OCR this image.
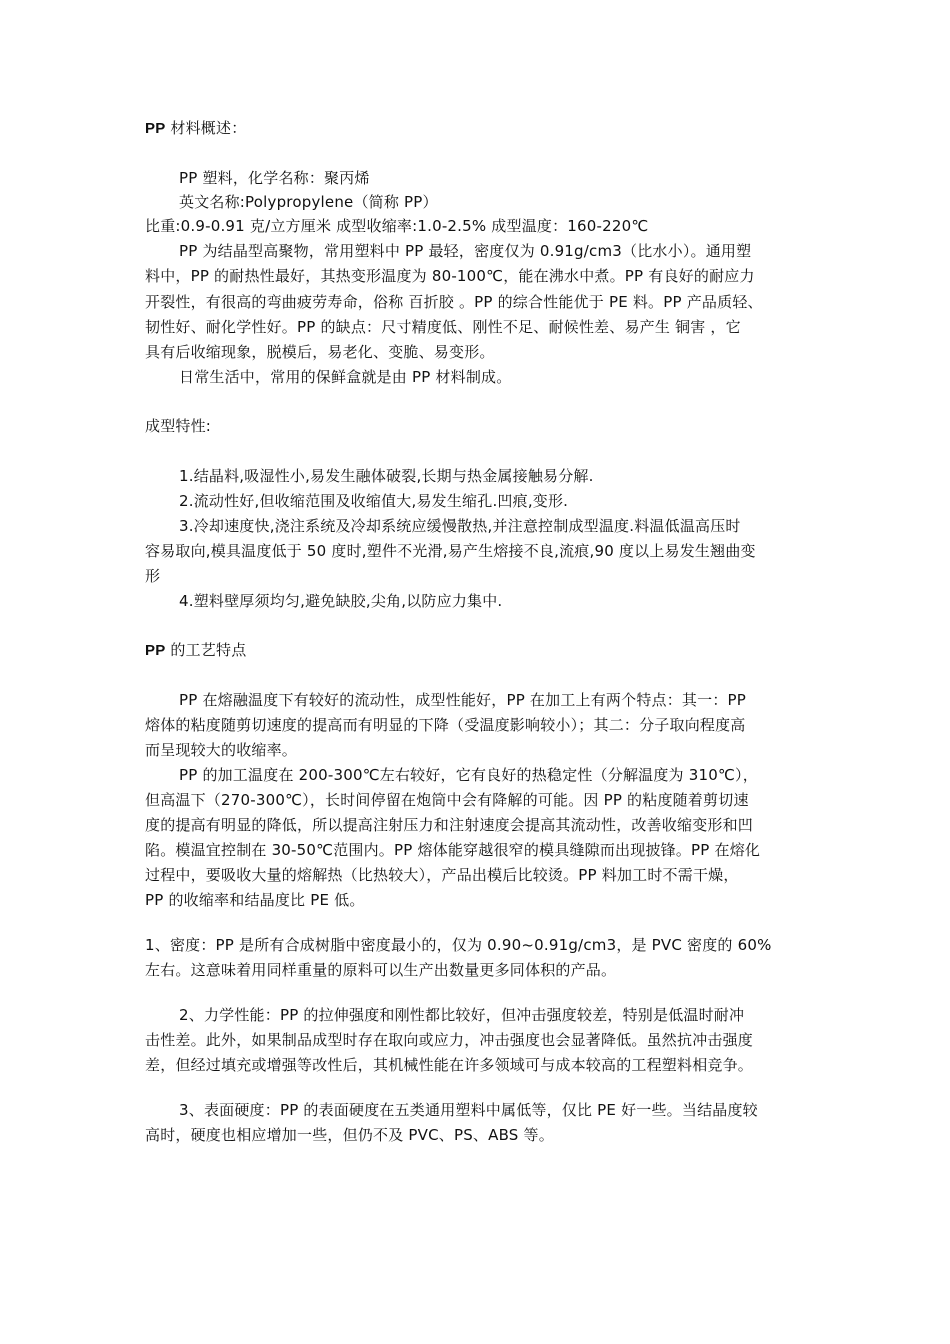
PP 材料概述：
PP 塑料，化学名称：聚丙烯
英文名称:Polypropylene（简称 PP）
比重:0.9-0.91 克/立方厘米 成型收缩率:1.0-2.5% 成型温度：160-220℃
PP 为结晶型高聚物，常用塑料中 PP 最轻，密度仅为 0.91g/cm3（比水小）。通用塑
料中，PP 的耐热性最好，其热变形温度为 80-100℃，能在沸水中煮。PP 有良好的耐应力
开裂性，有很高的弯曲疲劳寿命，俗称 百折胶 。PP 的综合性能优于 PE 料。PP 产品质轻、
韧性好、耐化学性好。PP 的缺点：尺寸精度低、刚性不足、耐候性差、易产生 铜害 ，它
具有后收缩现象，脱模后，易老化、变脆、易变形。
日常生活中，常用的保鲜盒就是由 PP 材料制成。
成型特性:
1.结晶料,吸湿性小,易发生融体破裂,长期与热金属接触易分解.
2.流动性好,但收缩范围及收缩值大,易发生缩孔.凹痕,变形.
3.冷却速度快,浇注系统及冷却系统应缓慢散热,并注意控制成型温度.料温低温高压时
容易取向,模具温度低于 50 度时,塑件不光滑,易产生熔接不良,流痕,90 度以上易发生翘曲变
形
4.塑料壁厚须均匀,避免缺胶,尖角,以防应力集中.
PP 的工艺特点
PP 在熔融温度下有较好的流动性，成型性能好，PP 在加工上有两个特点：其一：PP
熔体的粘度随剪切速度的提高而有明显的下降（受温度影响较小）；其二：分子取向程度高
而呈现较大的收缩率。
PP 的加工温度在 200-300℃左右较好，它有良好的热稳定性（分解温度为 310℃），
但高温下（270-300℃），长时间停留在炮筒中会有降解的可能。因 PP 的粘度随着剪切速
度的提高有明显的降低，所以提高注射压力和注射速度会提高其流动性，改善收缩变形和凹
陷。模温宜控制在 30-50℃范围内。PP 熔体能穿越很窄的模具缝隙而出现披锋。PP 在熔化
过程中，要吸收大量的熔解热（比热较大），产品出模后比较烫。PP 料加工时不需干燥，
PP 的收缩率和结晶度比 PE 低。
1、密度：PP 是所有合成树脂中密度最小的，仅为 0.90~0.91g/cm3，是 PVC 密度的 60%
左右。这意味着用同样重量的原料可以生产出数量更多同体积的产品。
2、力学性能：PP 的拉伸强度和刚性都比较好，但冲击强度较差，特别是低温时耐冲
击性差。此外，如果制品成型时存在取向或应力，冲击强度也会显著降低。虽然抗冲击强度
差，但经过填充或增强等改性后，其机械性能在许多领域可与成本较高的工程塑料相竞争。
3、表面硬度：PP 的表面硬度在五类通用塑料中属低等，仅比 PE 好一些。当结晶度较
高时，硬度也相应增加一些，但仍不及 PVC、PS、ABS 等。
